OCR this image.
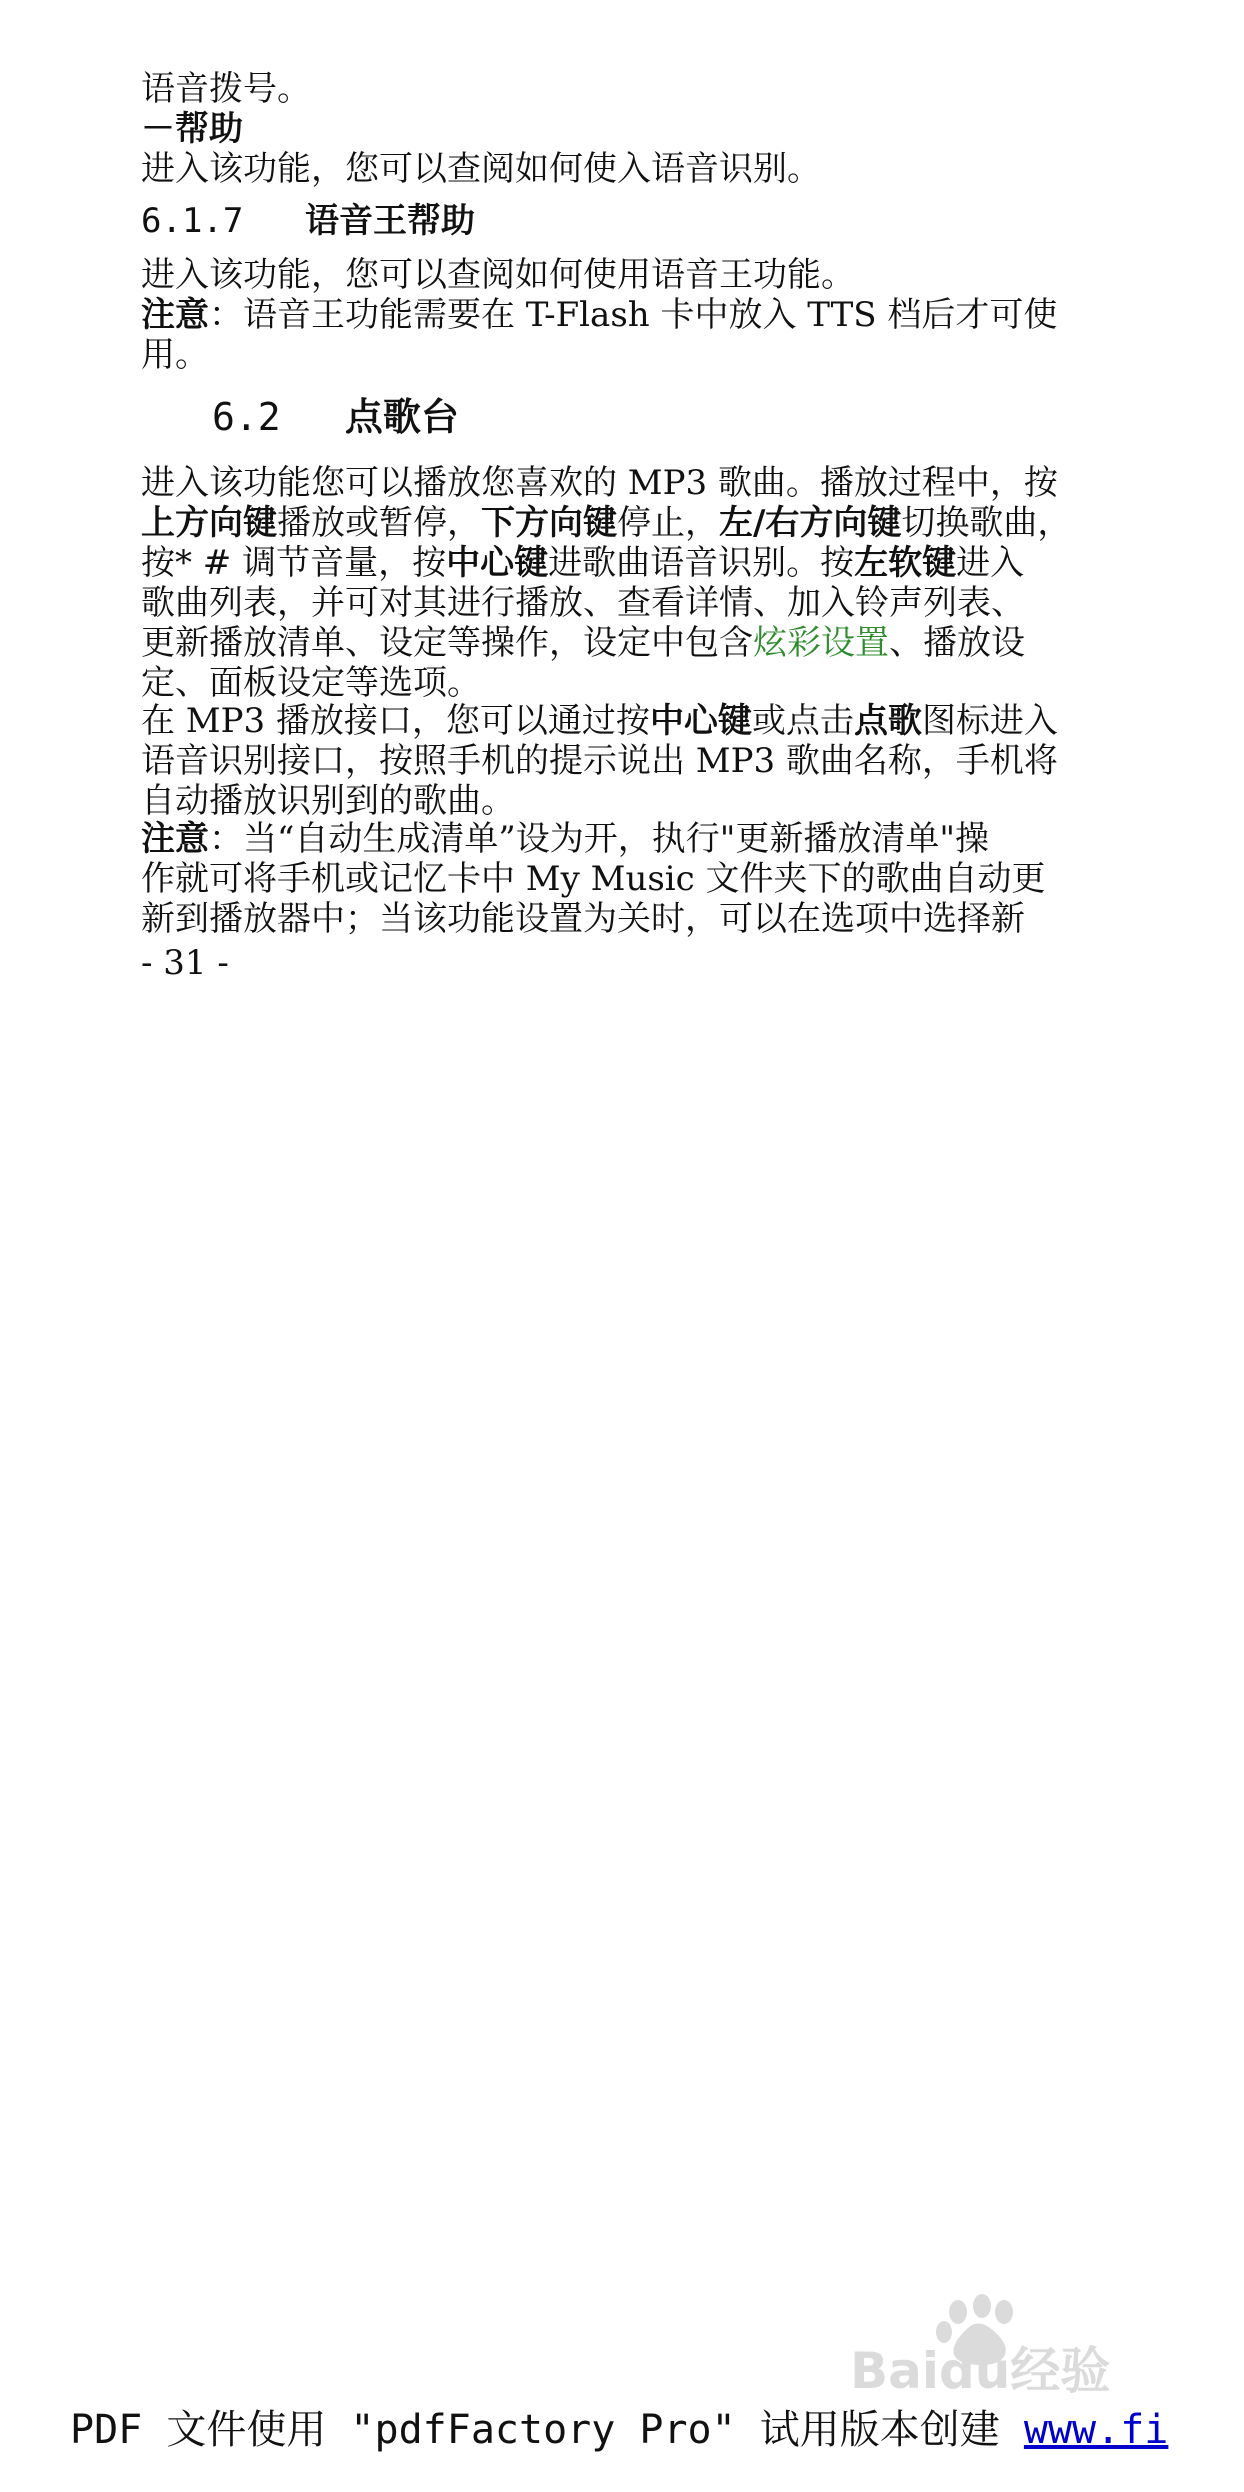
语音拨号。
－帮助
进入该功能，您可以查阅如何使入语音识别。
6.1.7 语音王帮助
进入该功能，您可以查阅如何使用语音王功能。
注意：语音王功能需要在 T-Flash 卡中放入 TTS 档后才可使
用。
6.2 点歌台
进入该功能您可以播放您喜欢的 MP3 歌曲。播放过程中，按
上方向键播放或暂停，下方向键停止，左/右方向键切换歌曲，
按* # 调节音量，按中心键进歌曲语音识别。按左软键进入
歌曲列表，并可对其进行播放、查看详情、加入铃声列表、
更新播放清单、设定等操作，设定中包含炫彩设置、播放设
定、面板设定等选项。
在 MP3 播放接口，您可以通过按中心键或点击点歌图标进入
语音识别接口，按照手机的提示说出 MP3 歌曲名称，手机将
自动播放识别到的歌曲。
注意：当“自动生成清单”设为开，执行"更新播放清单"操
作就可将手机或记忆卡中 My Music 文件夹下的歌曲自动更
新到播放器中；当该功能设置为关时，可以在选项中选择新
- 31 -
Baidu经验
PDF 文件使用 "pdfFactory Pro" 试用版本创建 www.fi
